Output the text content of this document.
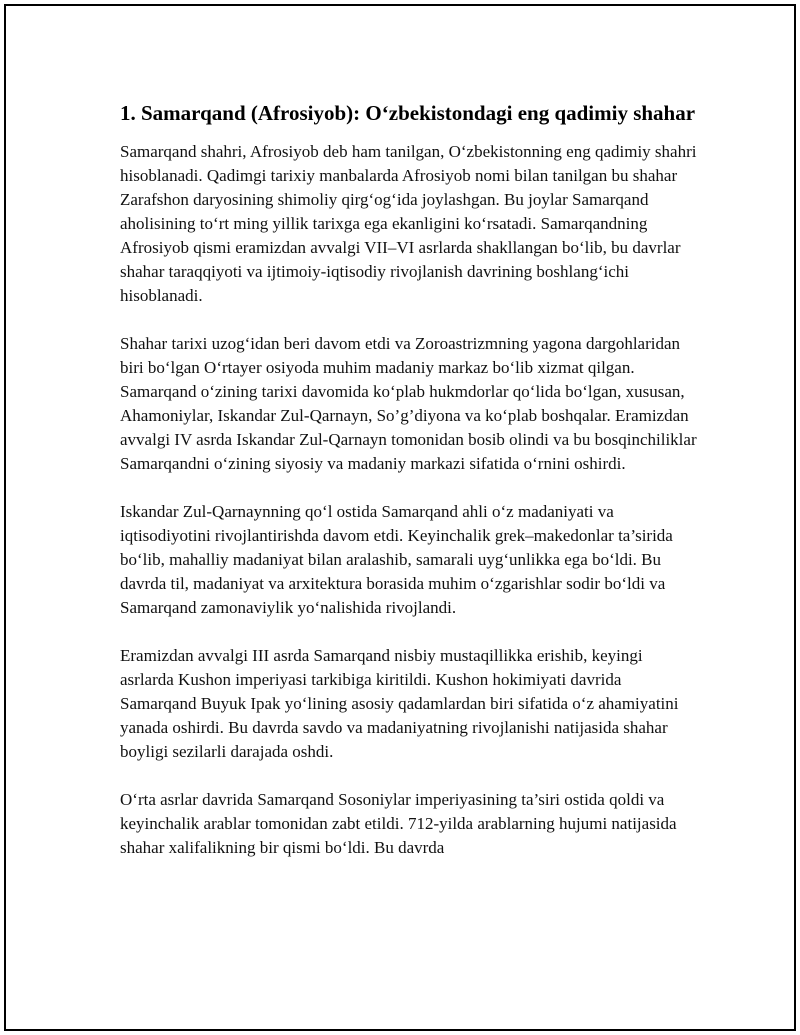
1. Samarqand (Afrosiyob): O‘zbekistondagi eng qadimiy shahar

Samarqand shahri, Afrosiyob deb ham tanilgan, O‘zbekistonning eng qadimiy shahri hisoblanadi. Qadimgi tarixiy manbalarda Afrosiyob nomi bilan tanilgan bu shahar Zarafshon daryosining shimoliy qirg‘og‘ida joylashgan. Bu joylar Samarqand aholisining to‘rt ming yillik tarixga ega ekanligini ko‘rsatadi. Samarqandning Afrosiyob qismi eramizdan avvalgi VII–VI asrlarda shakllangan bo‘lib, bu davrlar shahar taraqqiyoti va ijtimoiy-iqtisodiy rivojlanish davrining boshlang‘ichi hisoblanadi.

Shahar tarixi uzog‘idan beri davom etdi va Zoroastrizmning yagona dargohlaridan biri bo‘lgan O‘rtayer osiyoda muhim madaniy markaz bo‘lib xizmat qilgan. Samarqand o‘zining tarixi davomida ko‘plab hukmdorlar qo‘lida bo‘lgan, xususan, Ahamoniylar, Iskandar Zul-Qarnayn, So’g’diyona va ko‘plab boshqalar. Eramizdan avvalgi IV asrda Iskandar Zul-Qarnayn tomonidan bosib olindi va bu bosqinchiliklar Samarqandni o‘zining siyosiy va madaniy markazi sifatida o‘rnini oshirdi.

Iskandar Zul-Qarnaynning qo‘l ostida Samarqand ahli o‘z madaniyati va iqtisodiyotini rivojlantirishda davom etdi. Keyinchalik grek–makedonlar ta’sirida bo‘lib, mahalliy madaniyat bilan aralashib, samarali uyg‘unlikka ega bo‘ldi. Bu davrda til, madaniyat va arxitektura borasida muhim o‘zgarishlar sodir bo‘ldi va Samarqand zamonaviylik yo‘nalishida rivojlandi.

Eramizdan avvalgi III asrda Samarqand nisbiy mustaqillikka erishib, keyingi asrlarda Kushon imperiyasi tarkibiga kiritildi. Kushon hokimiyati davrida Samarqand Buyuk Ipak yo‘lining asosiy qadamlardan biri sifatida o‘z ahamiyatini yanada oshirdi. Bu davrda savdo va madaniyatning rivojlanishi natijasida shahar boyligi sezilarli darajada oshdi.

O‘rta asrlar davrida Samarqand Sosoniylar imperiyasining ta’siri ostida qoldi va keyinchalik arablar tomonidan zabt etildi. 712-yilda arablarning hujumi natijasida shahar xalifalikning bir qismi bo‘ldi. Bu davrda
